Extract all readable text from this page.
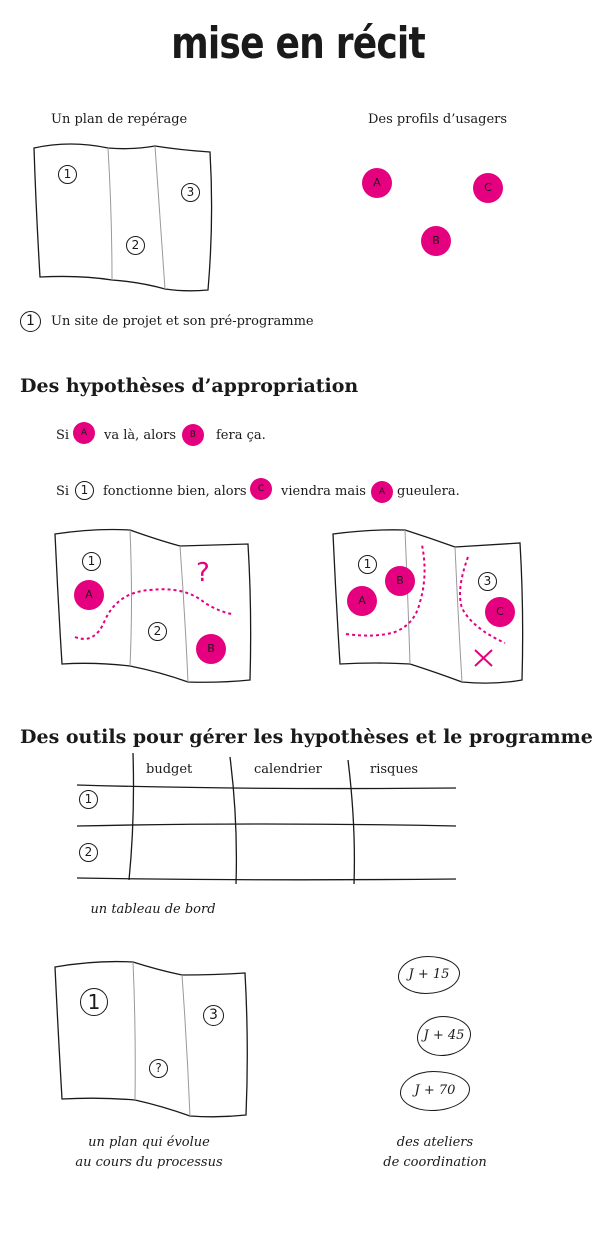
mise en récit
Un plan de repérage	Des profils d’usagers
1
2
3
A	C
B
1	Un site de projet et son pré-programme
Des hypothèses d’appropriation
Si	A	va là, alors	B	fera ça.
Si 1	fonctionne bien, alors	C	viendra mais	A gueulera.
1
2
A
B
?	1
3
B
A
C
Des outils pour gérer les hypothèses et le programme
budget	calendrier	risques
1
2
un tableau de bord
1
3
?
un plan qui évolue
au cours du processus
J + 15
J + 45
J + 70
des ateliers
de coordination
